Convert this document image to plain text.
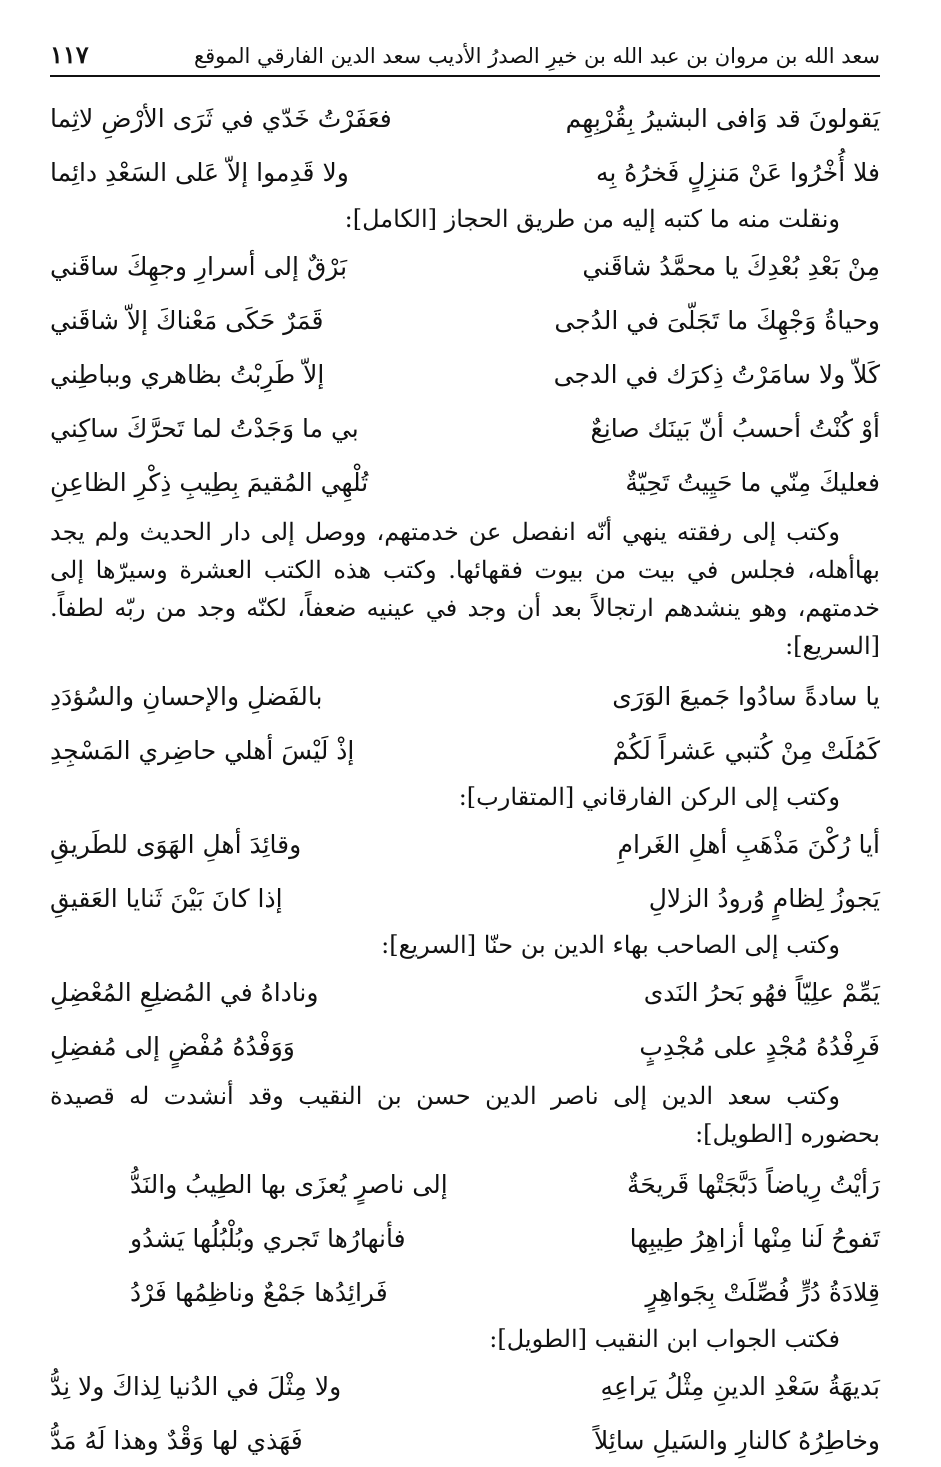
سعد الله بن مروان بن عبد الله بن خيرِ الصدرُ الأديب سعد الدين الفارقي الموقع
١١٧
يَقولونَ قد وَافى البشيرُ بِقُرْبِهِم
فعَفَرْتُ خَدّي في ثَرَى الأرْضِ لاثِما
فلا أُخْرُوا عَنْ مَنزِلٍ فَخرُهُ بِه
ولا قَدِموا إلاّ عَلى السَعْدِ دائِما

ونقلت منه ما كتبه إليه من طريق الحجاز [الكامل]:

مِنْ بَعْدِ بُعْدِكَ يا محمَّدُ شاقَني
بَرْقٌ إلى أسرارِ وجهِكَ ساقَني
وحياةُ وَجْهِكَ ما تَجَلّىَ في الدُجى
قَمَرٌ حَكَى مَعْناكَ إلاّ شاقَني
كَلاّ ولا سامَرْتُ ذِكرَك في الدجى
إلاّ طَرِبْتُ بظاهري وبباطِني
أوْ كُنْتُ أحسبُ أنّ بَينَك صانِعٌ
بي ما وَجَدْتُ لما تَحرَّكَ ساكِني
فعليكَ مِنّي ما حَيِيتُ تَحِيّةٌ
تُلْهِي المُقيمَ بِطِيبِ ذِكْرِ الظاعِنِ

وكتب إلى رفقته ينهي أنّه انفصل عن خدمتهم، ووصل إلى دار الحديث ولم يجد بهاأهله، فجلس في بيت من بيوت فقهائها. وكتب هذه الكتب العشرة وسيرّها إلى خدمتهم، وهو ينشدهم ارتجالاً بعد أن وجد في عينيه ضعفاً، لكنّه وجد من ربّه لطفاً. [السريع]:

يا سادةً سادُوا جَميعَ الوَرَى
بالفَضلِ والإحسانِ والسُؤدَدِ
كَمُلَتْ مِنْ كُتبي عَشراً لَكُمْ
إذْ لَيْسَ أهلي حاضِري المَسْجِدِ

وكتب إلى الركن الفارقاني [المتقارب]:

أيا رُكْنَ مَذْهَبِ أهلِ الغَرامِ
وقائِدَ أهلِ الهَوَى للطَريقِ
يَجوزُ لِظامٍ وُرودُ الزلالِ
إذا كانَ بَيْنَ ثَنايا العَقيقِ

وكتب إلى الصاحب بهاء الدين بن حنّا [السريع]:

يَمِّمْ علِيّاً فهُو بَحرُ النَدى
وناداهُ في المُضلِعِ المُعْضِلِ
فَرِفْدُهُ مُجْدٍ على مُجْدِبٍ
وَوَفْدُهُ مُفْضٍ إلى مُفضِلِ

وكتب سعد الدين إلى ناصر الدين حسن بن النقيب وقد أنشدت له قصيدة بحضوره [الطويل]:

رَأيْتُ رِياضاً دَبَّجَتْها قَريحَةٌ
إلى ناصرٍ يُعزَى بها الطِيبُ والنَدُّ
تَفوحُ لَنا مِنْها أزاهِرُ طِيبِها
فأنهارُها تَجري وبُلْبُلُها يَشدُو
قِلادَةُ دُرٍّ فُصِّلَتْ بِجَواهِرٍ
فَرائِدُها جَمْعٌ وناظِمُها فَرْدُ

فكتب الجواب ابن النقيب [الطويل]:

بَديهَةُ سَعْدِ الدينِ مِثْلُ يَراعِهِ
ولا مِثْلَ في الدُنيا لِذاكَ ولا نِدُّ
وخاطِرُهُ كالنارِ والسَيلِ سائِلاً
فَهَذي لها وَقْدٌ وهذا لَهُ مَدُّ
